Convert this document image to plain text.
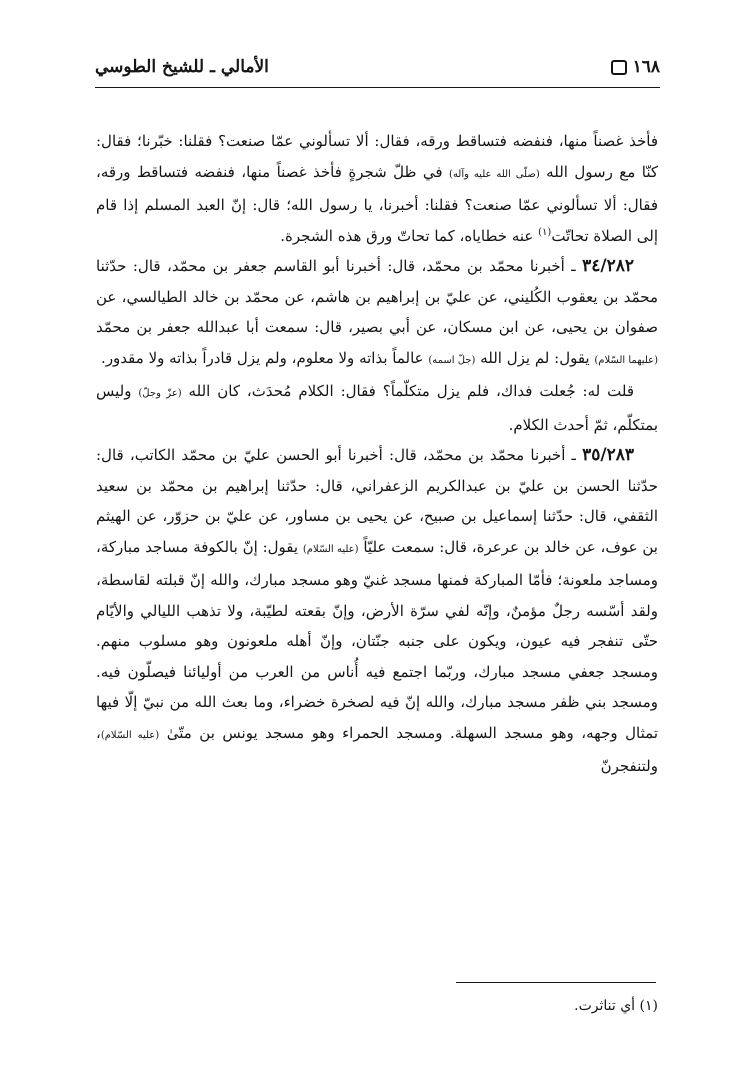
١٦٨
الأمالي ـ للشيخ الطوسي

فأخذ غصناً منها، فنفضه فتساقط ورقه، فقال: ألا تسألوني عمّا صنعت؟ فقلنا: خبّرنا؛ فقال: كنّا مع رسول الله (صلّى الله عليه وآله) في ظلّ شجرةٍ فأخذ غصناً منها، فنفضه فتساقط ورقه، فقال: ألا تسألوني عمّا صنعت؟ فقلنا: أخبرنا، يا رسول الله؛ قال: إنّ العبد المسلم إذا قام إلى الصلاة تحاتّت$^{(١)}$ عنه خطاياه، كما تحاتّ ورق هذه الشجرة.

٣٤/٢٨٢ ـ أخبرنا محمّد بن محمّد، قال: أخبرنا أبو القاسم جعفر بن محمّد، قال: حدّثنا محمّد بن يعقوب الكُليني، عن عليّ بن إبراهيم بن هاشم، عن محمّد بن خالد الطيالسي، عن صفوان بن يحيى، عن ابن مسكان، عن أبي بصير، قال: سمعت أبا عبدالله جعفر بن محمّد (عليهما السّلام) يقول: لم يزل الله (جلّ اسمه) عالماً بذاته ولا معلوم، ولم يزل قادراً بذاته ولا مقدور.

قلت له: جُعلت فداك، فلم يزل متكلّماً؟ فقال: الكلام مُحدَث، كان الله (عزّ وجلّ) وليس بمتكلّم، ثمّ أحدث الكلام.

٣٥/٢٨٣ ـ أخبرنا محمّد بن محمّد، قال: أخبرنا أبو الحسن عليّ بن محمّد الكاتب، قال: حدّثنا الحسن بن عليّ بن عبدالكريم الزعفراني، قال: حدّثنا إبراهيم بن محمّد بن سعيد الثقفي، قال: حدّثنا إسماعيل بن صبيح، عن يحيى بن مساور، عن عليّ بن حزوّر، عن الهيثم بن عوف، عن خالد بن عرعرة، قال: سمعت عليّاً (عليه السّلام) يقول: إنّ بالكوفة مساجد مباركة، ومساجد ملعونة؛ فأمّا المباركة فمنها مسجد غنيّ وهو مسجد مبارك، والله إنّ قبلته لقاسطة، ولقد أسّسه رجلٌ مؤمنٌ، وإنّه لفي سرّة الأرض، وإنّ بقعته لطيّبة، ولا تذهب الليالي والأيّام حتّى تنفجر فيه عيون، ويكون على جنبه جنّتان، وإنّ أهله ملعونون وهو مسلوب منهم. ومسجد جعفي مسجد مبارك، وربّما اجتمع فيه أُناس من العرب من أوليائنا فيصلّون فيه. ومسجد بني ظفر مسجد مبارك، والله إنّ فيه لصخرة خضراء، وما بعث الله من نبيّ إلّا فيها تمثال وجهه، وهو مسجد السهلة. ومسجد الحمراء وهو مسجد يونس بن متّىٰ (عليه السّلام)، ولتنفجرنّ

(١) أي تناثرت.
